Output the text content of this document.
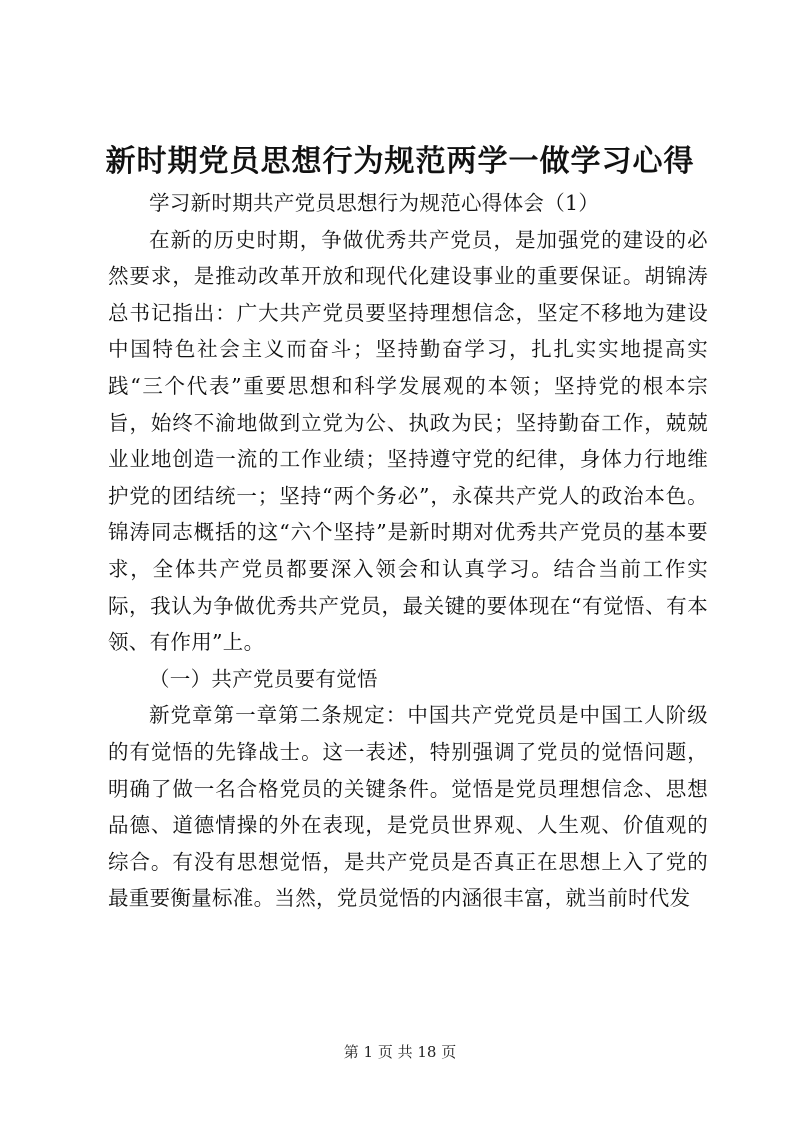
新时期党员思想行为规范两学一做学习心得

学习新时期共产党员思想行为规范心得体会（1）

在新的历史时期，争做优秀共产党员，是加强党的建设的必然要求，是推动改革开放和现代化建设事业的重要保证。胡锦涛总书记指出：广大共产党员要坚持理想信念，坚定不移地为建设中国特色社会主义而奋斗；坚持勤奋学习，扎扎实实地提高实践“三个代表”重要思想和科学发展观的本领；坚持党的根本宗旨，始终不渝地做到立党为公、执政为民；坚持勤奋工作，兢兢业业地创造一流的工作业绩；坚持遵守党的纪律，身体力行地维护党的团结统一；坚持“两个务必”，永葆共产党人的政治本色。锦涛同志概括的这“六个坚持”是新时期对优秀共产党员的基本要求，全体共产党员都要深入领会和认真学习。结合当前工作实际，我认为争做优秀共产党员，最关键的要体现在“有觉悟、有本领、有作用”上。

（一）共产党员要有觉悟

新党章第一章第二条规定：中国共产党党员是中国工人阶级的有觉悟的先锋战士。这一表述，特别强调了党员的觉悟问题，明确了做一名合格党员的关键条件。觉悟是党员理想信念、思想品德、道德情操的外在表现，是党员世界观、人生观、价值观的综合。有没有思想觉悟，是共产党员是否真正在思想上入了党的最重要衡量标准。当然，党员觉悟的内涵很丰富，就当前时代发

第 1 页 共 18 页
